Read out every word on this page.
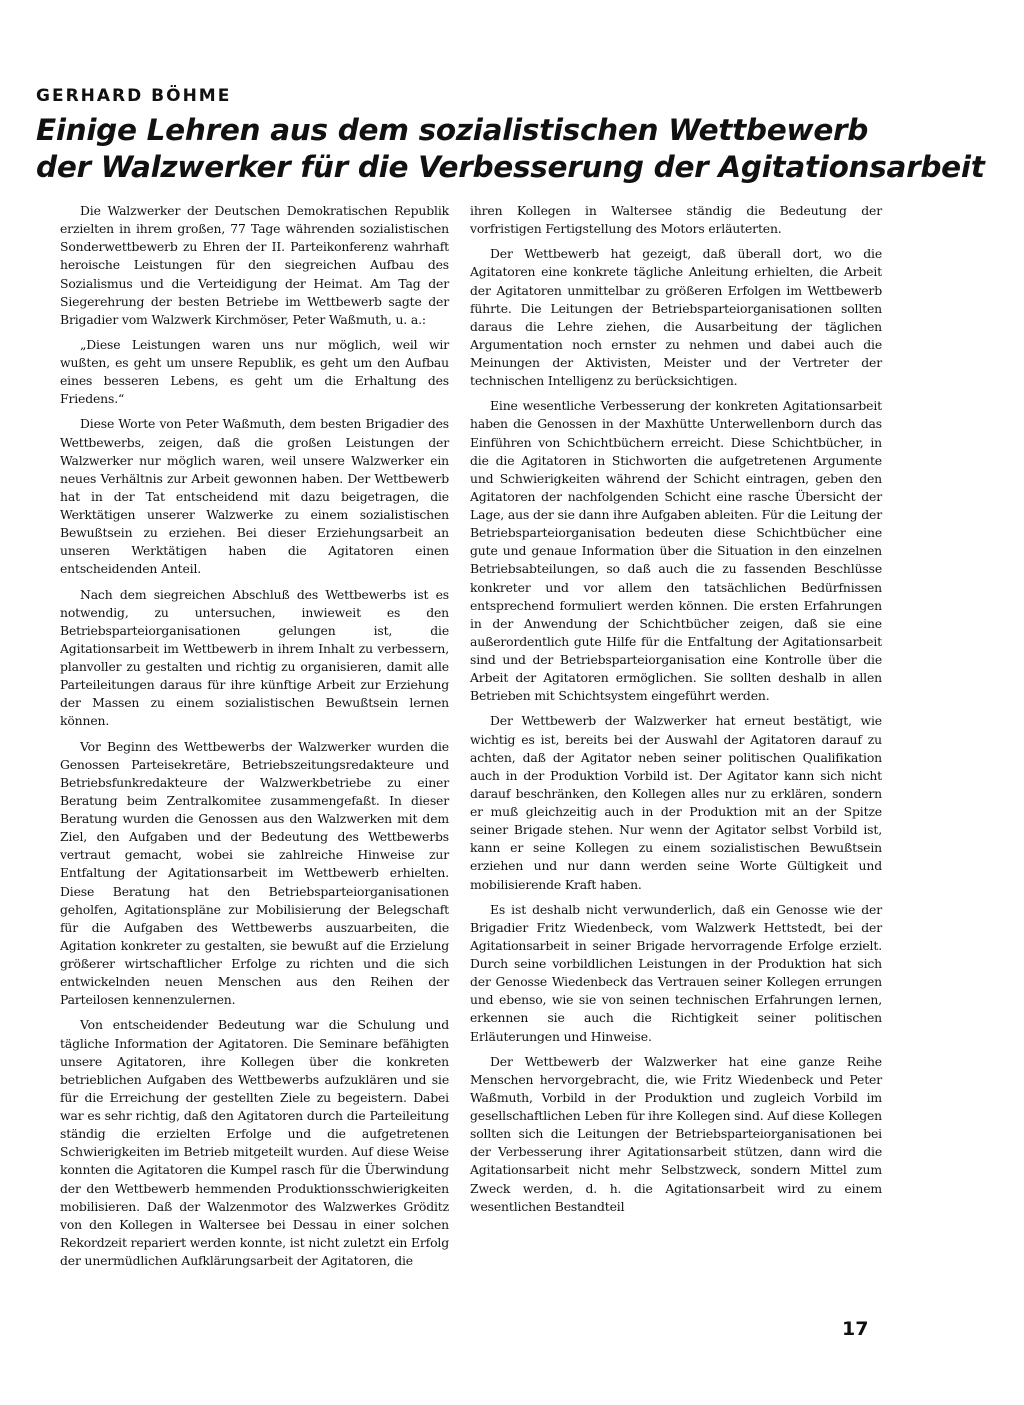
GERHARD BÖHME
Einige Lehren aus dem sozialistischen Wettbewerb
der Walzwerker für die Verbesserung der Agitationsarbeit

Die Walzwerker der Deutschen Demokratischen Republik erzielten in ihrem großen, 77 Tage währenden sozialistischen Sonderwettbewerb zu Ehren der II. Parteikonferenz wahrhaft heroische Leistungen für den siegreichen Aufbau des Sozialismus und die Verteidigung der Heimat. Am Tag der Siegerehrung der besten Betriebe im Wettbewerb sagte der Brigadier vom Walzwerk Kirchmöser, Peter Waßmuth, u. a.:

„Diese Leistungen waren uns nur möglich, weil wir wußten, es geht um unsere Republik, es geht um den Aufbau eines besseren Lebens, es geht um die Erhaltung des Friedens.“

Diese Worte von Peter Waßmuth, dem besten Brigadier des Wettbewerbs, zeigen, daß die großen Leistungen der Walzwerker nur möglich waren, weil unsere Walzwerker ein neues Verhältnis zur Arbeit gewonnen haben. Der Wettbewerb hat in der Tat entscheidend mit dazu beigetragen, die Werktätigen unserer Walzwerke zu einem sozialistischen Bewußtsein zu erziehen. Bei dieser Erziehungsarbeit an unseren Werktätigen haben die Agitatoren einen entscheidenden Anteil.

Nach dem siegreichen Abschluß des Wettbewerbs ist es notwendig, zu untersuchen, inwieweit es den Betriebsparteiorganisationen gelungen ist, die Agitationsarbeit im Wettbewerb in ihrem Inhalt zu verbessern, planvoller zu gestalten und richtig zu organisieren, damit alle Parteileitungen daraus für ihre künftige Arbeit zur Erziehung der Massen zu einem sozialistischen Bewußtsein lernen können.

Vor Beginn des Wettbewerbs der Walzwerker wurden die Genossen Parteisekretäre, Betriebszeitungsredakteure und Betriebsfunkredakteure der Walzwerkbetriebe zu einer Beratung beim Zentralkomitee zusammengefaßt. In dieser Beratung wurden die Genossen aus den Walzwerken mit dem Ziel, den Aufgaben und der Bedeutung des Wettbewerbs vertraut gemacht, wobei sie zahlreiche Hinweise zur Entfaltung der Agitationsarbeit im Wettbewerb erhielten. Diese Beratung hat den Betriebsparteiorganisationen geholfen, Agitationspläne zur Mobilisierung der Belegschaft für die Aufgaben des Wettbewerbs auszuarbeiten, die Agitation konkreter zu gestalten, sie bewußt auf die Erzielung größerer wirtschaftlicher Erfolge zu richten und die sich entwickelnden neuen Menschen aus den Reihen der Parteilosen kennenzulernen.

Von entscheidender Bedeutung war die Schulung und tägliche Information der Agitatoren. Die Seminare befähigten unsere Agitatoren, ihre Kollegen über die konkreten betrieblichen Aufgaben des Wettbewerbs aufzuklären und sie für die Erreichung der gestellten Ziele zu begeistern. Dabei war es sehr richtig, daß den Agitatoren durch die Parteileitung ständig die erzielten Erfolge und die aufgetretenen Schwierigkeiten im Betrieb mitgeteilt wurden. Auf diese Weise konnten die Agitatoren die Kumpel rasch für die Überwindung der den Wettbewerb hemmenden Produktionsschwierigkeiten mobilisieren. Daß der Walzenmotor des Walzwerkes Gröditz von den Kollegen in Waltersee bei Dessau in einer solchen Rekordzeit repariert werden konnte, ist nicht zuletzt ein Erfolg der unermüdlichen Aufklärungsarbeit der Agitatoren, die

ihren Kollegen in Waltersee ständig die Bedeutung der vorfristigen Fertigstellung des Motors erläuterten.

Der Wettbewerb hat gezeigt, daß überall dort, wo die Agitatoren eine konkrete tägliche Anleitung erhielten, die Arbeit der Agitatoren unmittelbar zu größeren Erfolgen im Wettbewerb führte. Die Leitungen der Betriebsparteiorganisationen sollten daraus die Lehre ziehen, die Ausarbeitung der täglichen Argumentation noch ernster zu nehmen und dabei auch die Meinungen der Aktivisten, Meister und der Vertreter der technischen Intelligenz zu berücksichtigen.

Eine wesentliche Verbesserung der konkreten Agitationsarbeit haben die Genossen in der Maxhütte Unterwellenborn durch das Einführen von Schichtbüchern erreicht. Diese Schichtbücher, in die die Agitatoren in Stichworten die aufgetretenen Argumente und Schwierigkeiten während der Schicht eintragen, geben den Agitatoren der nachfolgenden Schicht eine rasche Übersicht der Lage, aus der sie dann ihre Aufgaben ableiten. Für die Leitung der Betriebsparteiorganisation bedeuten diese Schichtbücher eine gute und genaue Information über die Situation in den einzelnen Betriebsabteilungen, so daß auch die zu fassenden Beschlüsse konkreter und vor allem den tatsächlichen Bedürfnissen entsprechend formuliert werden können. Die ersten Erfahrungen in der Anwendung der Schichtbücher zeigen, daß sie eine außerordentlich gute Hilfe für die Entfaltung der Agitationsarbeit sind und der Betriebsparteiorganisation eine Kontrolle über die Arbeit der Agitatoren ermöglichen. Sie sollten deshalb in allen Betrieben mit Schichtsystem eingeführt werden.

Der Wettbewerb der Walzwerker hat erneut bestätigt, wie wichtig es ist, bereits bei der Auswahl der Agitatoren darauf zu achten, daß der Agitator neben seiner politischen Qualifikation auch in der Produktion Vorbild ist. Der Agitator kann sich nicht darauf beschränken, den Kollegen alles nur zu erklären, sondern er muß gleichzeitig auch in der Produktion mit an der Spitze seiner Brigade stehen. Nur wenn der Agitator selbst Vorbild ist, kann er seine Kollegen zu einem sozialistischen Bewußtsein erziehen und nur dann werden seine Worte Gültigkeit und mobilisierende Kraft haben.

Es ist deshalb nicht verwunderlich, daß ein Genosse wie der Brigadier Fritz Wiedenbeck, vom Walzwerk Hettstedt, bei der Agitationsarbeit in seiner Brigade hervorragende Erfolge erzielt. Durch seine vorbildlichen Leistungen in der Produktion hat sich der Genosse Wiedenbeck das Vertrauen seiner Kollegen errungen und ebenso, wie sie von seinen technischen Erfahrungen lernen, erkennen sie auch die Richtigkeit seiner politischen Erläuterungen und Hinweise.

Der Wettbewerb der Walzwerker hat eine ganze Reihe Menschen hervorgebracht, die, wie Fritz Wiedenbeck und Peter Waßmuth, Vorbild in der Produktion und zugleich Vorbild im gesellschaftlichen Leben für ihre Kollegen sind. Auf diese Kollegen sollten sich die Leitungen der Betriebsparteiorganisationen bei der Verbesserung ihrer Agitationsarbeit stützen, dann wird die Agitationsarbeit nicht mehr Selbstzweck, sondern Mittel zum Zweck werden, d. h. die Agitationsarbeit wird zu einem wesentlichen Bestandteil

17
